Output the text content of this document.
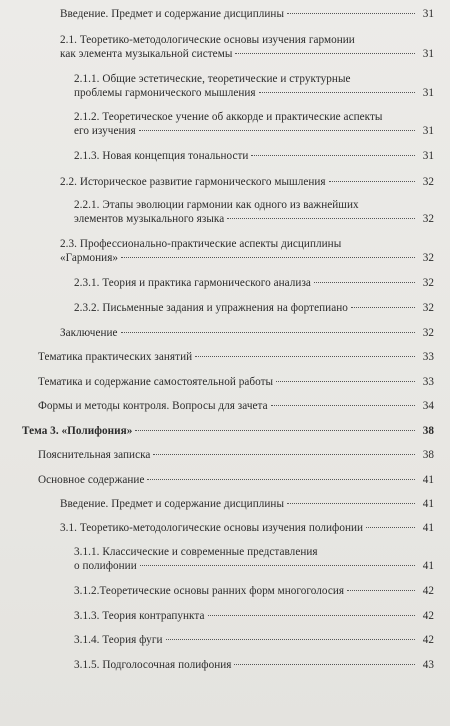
Введение. Предмет и содержание дисциплины	31
2.1. Теоретико-методологические основы изучения гармонии
как элемента музыкальной системы	31
2.1.1. Общие эстетические, теоретические и структурные
проблемы гармонического мышления	31
2.1.2. Теоретическое учение об аккорде и практические аспекты
его изучения	31
2.1.3. Новая концепция тональности	31
2.2. Историческое развитие гармонического мышления	32
2.2.1. Этапы эволюции гармонии как одного из важнейших
элементов музыкального языка	32
2.3. Профессионально-практические аспекты дисциплины
«Гармония»	32
2.3.1. Теория и практика гармонического анализа	32
2.3.2. Письменные задания и упражнения на фортепиано	32
Заключение	32
Тематика практических занятий	33
Тематика и содержание самостоятельной работы	33
Формы и методы контроля. Вопросы для зачета	34
Тема 3. «Полифония»	38
Пояснительная записка	38
Основное содержание	41
Введение. Предмет и содержание дисциплины	41
3.1. Теоретико-методологические основы изучения полифонии	41
3.1.1. Классические и современные представления
о полифонии	41
3.1.2.Теоретические основы ранних форм многоголосия	42
3.1.3. Теория контрапункта	42
3.1.4. Теория фуги	42
3.1.5. Подголосочная полифония	43
